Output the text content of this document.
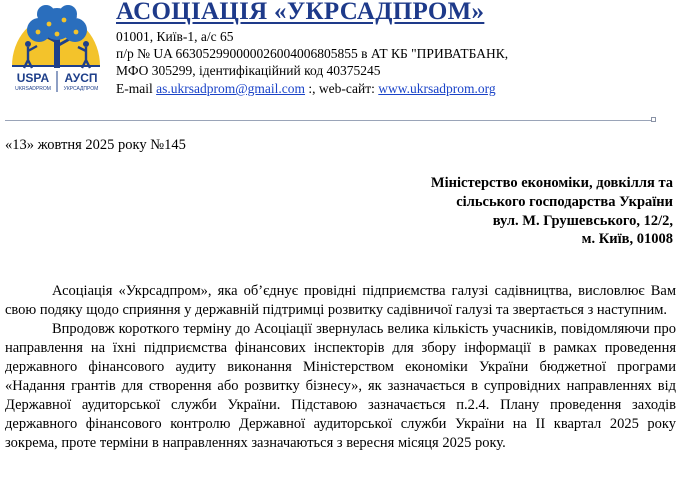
USPA
UKRSADPROM
АУСП
УКРСАДПРОМ
АСОЦІАЦІЯ «УКРСАДПРОМ»
01001, Київ-1, а/с 65
п/р № UA 663052990000026004006805855 в АТ КБ "ПРИВАТБАНК,
МФО 305299, ідентифікаційний код 40375245
E-mail as.ukrsadprom@gmail.com :, web-сайт: www.ukrsadprom.org
«13» жовтня 2025 року №145
Міністерство економіки, довкілля та
сільського господарства України
вул. М. Грушевського, 12/2,
м. Київ, 01008

Асоціація «Укрсадпром», яка об’єднує провідні підприємства галузі садівництва, висловлює Вам свою подяку щодо сприяння у державній підтримці розвитку садівничої галузі та звертається з наступним.

Впродовж короткого терміну до Асоціації звернулась велика кількість учасників, повідомляючи про направлення на їхні підприємства фінансових інспекторів для збору інформації в рамках проведення державного фінансового аудиту виконання Міністерством економіки України бюджетної програми «Надання грантів для створення або розвитку бізнесу», як зазначається в супровідних направленнях від Державної аудиторської служби України. Підставою зазначається п.2.4. Плану проведення заходів державного фінансового контролю Державної аудиторської служби України на II квартал 2025 року зокрема, проте терміни в направленнях зазначаються з вересня місяця 2025 року.
